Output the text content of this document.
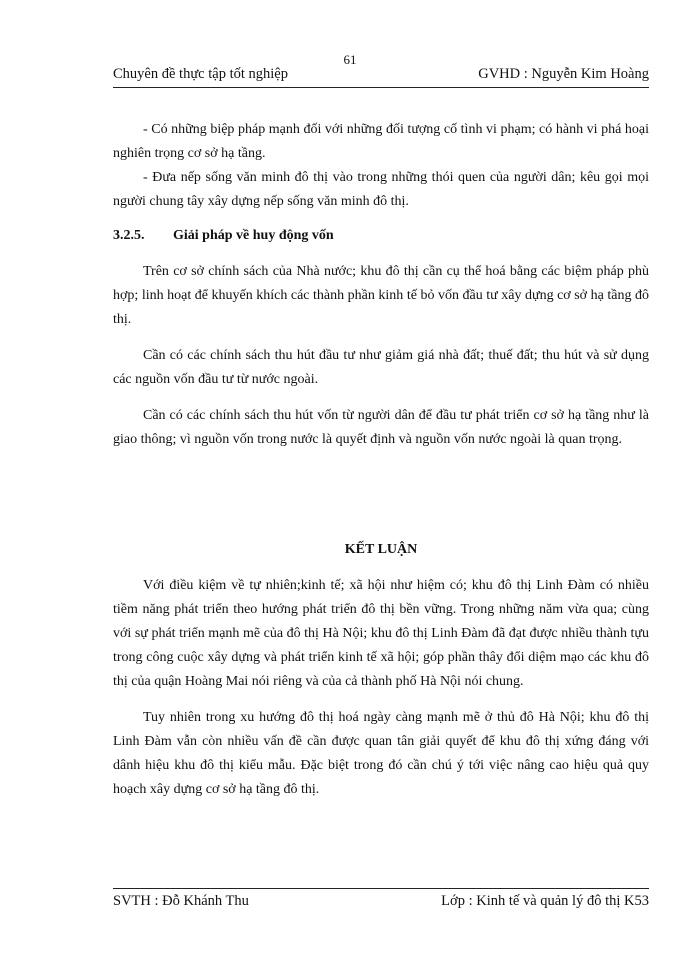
61
Chuyên đề thực tập tốt nghiệp	GVHD : Nguyễn Kim Hoàng

- Có những biệp pháp mạnh đối với những đối tượng cố tình vi phạm; có hành vi phá hoại nghiên trọng cơ sở hạ tầng.

- Đưa nếp sống văn minh đô thị vào trong những thói quen của người dân; kêu gọi mọi người chung tây xây dựng nếp sống văn minh đô thị.

3.2.5. Giải pháp về huy động vốn

Trên cơ sở chính sách của Nhà nước; khu đô thị cần cụ thể hoá bằng các biệm pháp phù hợp; linh hoạt để khuyến khích các thành phần kinh tế bỏ vốn đầu tư xây dựng cơ sở hạ tầng đô thị.

Cần có các chính sách thu hút đầu tư như giảm giá nhà đất; thuế đất; thu hút và sử dụng các nguồn vốn đầu tư từ nước ngoài.

Cần có các chính sách thu hút vốn từ người dân để đầu tư phát triển cơ sở hạ tầng như là giao thông; vì nguồn vốn trong nước là quyết định và nguồn vốn nước ngoài là quan trọng.

KẾT LUẬN

Với điều kiệm về tự nhiên;kinh tế; xã hội như hiệm có; khu đô thị Linh Đàm có nhiều tiềm năng phát triển theo hướng phát triển đô thị bền vững. Trong những năm vừa qua; cùng với sự phát triển mạnh mẽ của đô thị Hà Nội; khu đô thị Linh Đàm đã đạt được nhiều thành tựu trong công cuộc xây dựng và phát triển kinh tế xã hội; góp phần thây đổi diệm mạo các khu đô thị của quận Hoàng Mai nói riêng và của cả thành phố Hà Nội nói chung.

Tuy nhiên trong xu hướng đô thị hoá ngày càng mạnh mẽ ở thủ đô Hà Nội; khu đô thị Linh Đàm vẫn còn nhiều vấn đề cần được quan tân giải quyết để khu đô thị xứng đáng với dânh hiệu khu đô thị kiểu mẫu. Đặc biệt trong đó cần chú ý tới việc nâng cao hiệu quả quy hoạch xây dựng cơ sở hạ tầng đô thị.

SVTH : Đỗ Khánh Thu	Lớp : Kinh tế và quản lý đô thị K53
